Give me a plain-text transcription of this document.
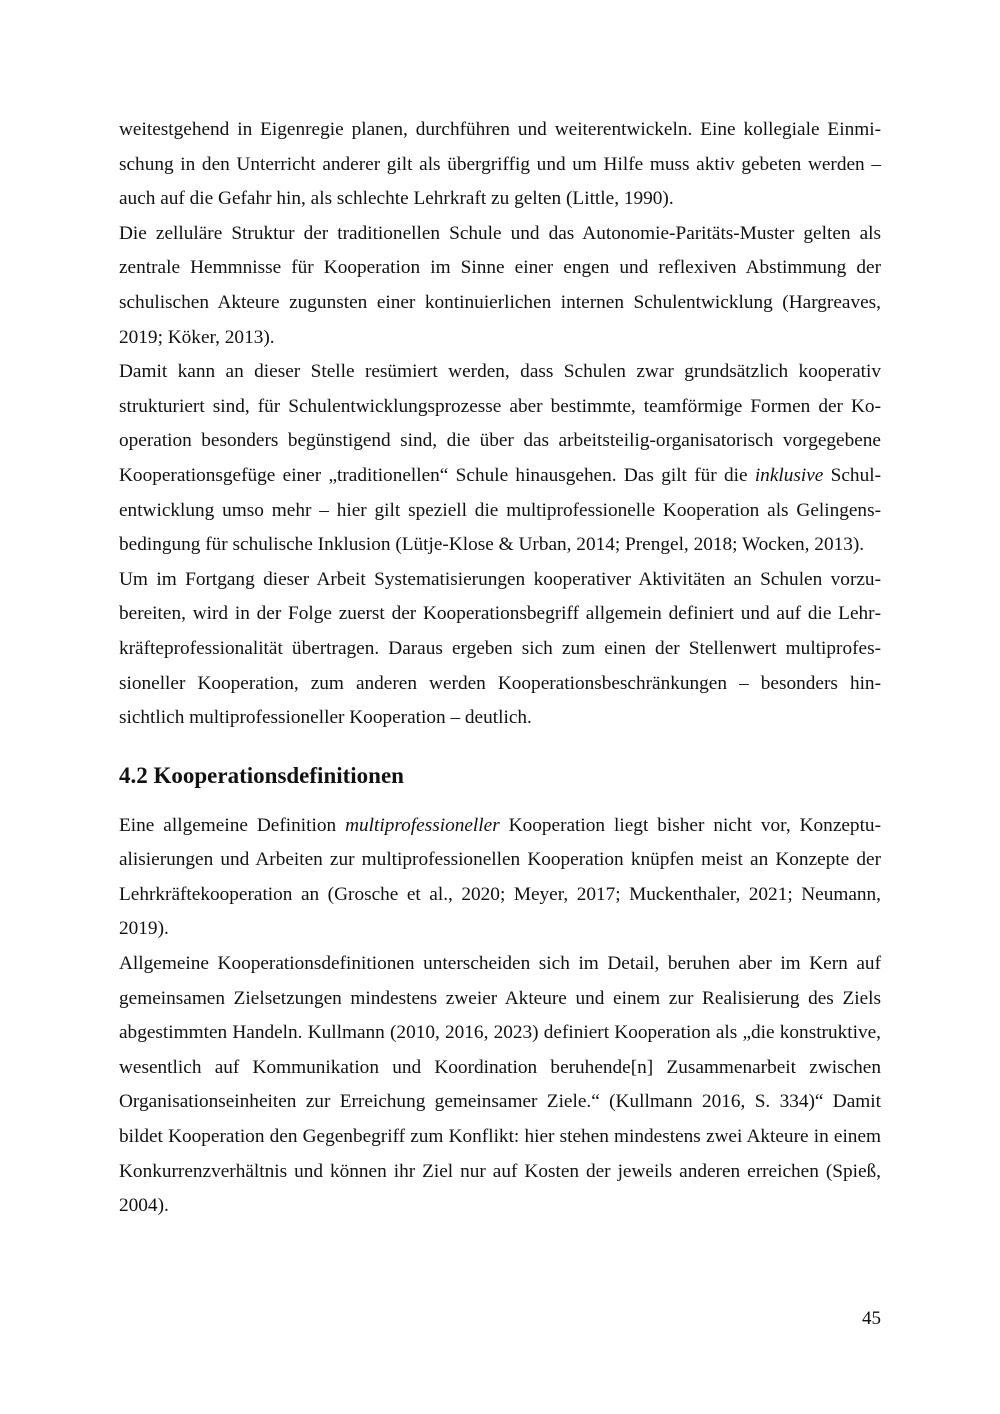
weitestgehend in Eigenregie planen, durchführen und weiterentwickeln. Eine kollegiale Einmischung in den Unterricht anderer gilt als übergriffig und um Hilfe muss aktiv gebeten werden – auch auf die Gefahr hin, als schlechte Lehrkraft zu gelten (Little, 1990).

Die zelluläre Struktur der traditionellen Schule und das Autonomie-Paritäts-Muster gelten als zentrale Hemmnisse für Kooperation im Sinne einer engen und reflexiven Abstimmung der schulischen Akteure zugunsten einer kontinuierlichen internen Schulentwicklung (Hargreaves, 2019; Köker, 2013).

Damit kann an dieser Stelle resümiert werden, dass Schulen zwar grundsätzlich kooperativ strukturiert sind, für Schulentwicklungsprozesse aber bestimmte, teamförmige Formen der Kooperation besonders begünstigend sind, die über das arbeitsteilig-organisatorisch vorgegebene Kooperationsgefüge einer „traditionellen“ Schule hinausgehen. Das gilt für die inklusive Schulentwicklung umso mehr – hier gilt speziell die multiprofessionelle Kooperation als Gelingensbedingung für schulische Inklusion (Lütje-Klose & Urban, 2014; Prengel, 2018; Wocken, 2013).

Um im Fortgang dieser Arbeit Systematisierungen kooperativer Aktivitäten an Schulen vorzubereiten, wird in der Folge zuerst der Kooperationsbegriff allgemein definiert und auf die Lehrkräfteprofessionalität übertragen. Daraus ergeben sich zum einen der Stellenwert multiprofessioneller Kooperation, zum anderen werden Kooperationsbeschränkungen – besonders hinsichtlich multiprofessioneller Kooperation – deutlich.

4.2 Kooperationsdefinitionen

Eine allgemeine Definition multiprofessioneller Kooperation liegt bisher nicht vor, Konzeptualisierungen und Arbeiten zur multiprofessionellen Kooperation knüpfen meist an Konzepte der Lehrkräftekooperation an (Grosche et al., 2020; Meyer, 2017; Muckenthaler, 2021; Neumann, 2019).

Allgemeine Kooperationsdefinitionen unterscheiden sich im Detail, beruhen aber im Kern auf gemeinsamen Zielsetzungen mindestens zweier Akteure und einem zur Realisierung des Ziels abgestimmten Handeln. Kullmann (2010, 2016, 2023) definiert Kooperation als „die konstruktive, wesentlich auf Kommunikation und Koordination beruhende[n] Zusammenarbeit zwischen Organisationseinheiten zur Erreichung gemeinsamer Ziele.“ (Kullmann 2016, S. 334)“ Damit bildet Kooperation den Gegenbegriff zum Konflikt: hier stehen mindestens zwei Akteure in einem Konkurrenzverhältnis und können ihr Ziel nur auf Kosten der jeweils anderen erreichen (Spieß, 2004).

45
